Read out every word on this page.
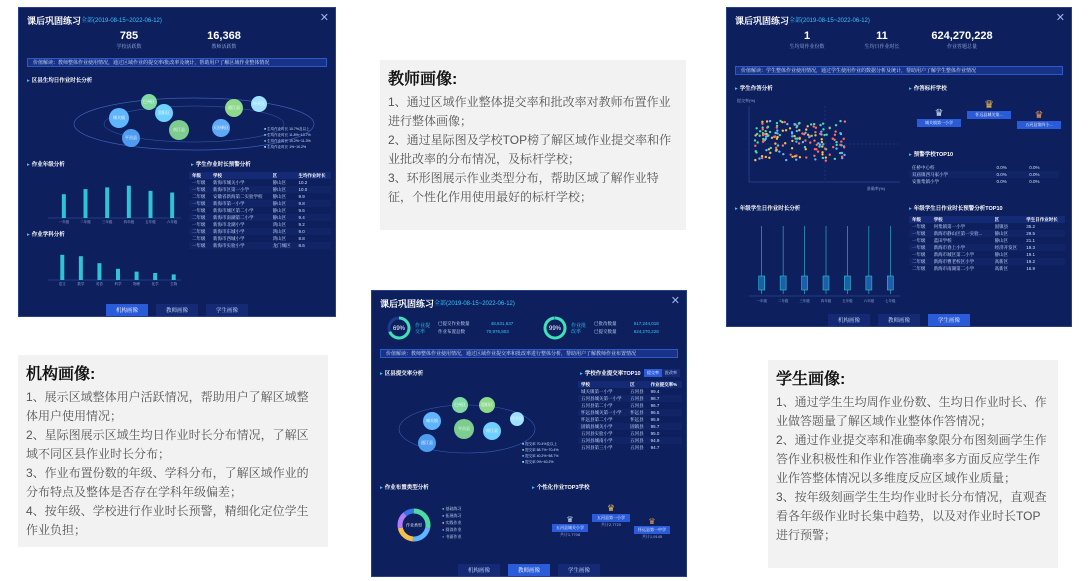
课后巩固练习 全部(2019-08-15~2022-06-12)	✕
785
学校活跃数
16,368
教师活跃数
价值解读：教师整体作业使用情况，通过区域作业的提交率/批改率及统计，帮助用户了解区域作业整体情况
▸ 区县生均日作业时长分析
城关镇
巴州区
恩阳区
平昌县
南江县
通江县
经开区
天府新区	■ 生均作业时长 10.7%及以上
■ 生均作业时长 11.8%~13.7%
■ 生均作业时长 10.2%~11.3%
■ 生均作业时长 1%~10.2%
▸ 作业年级分析
一年级	二年级	三年级	四年级	五年级	六年级
▸ 学生作业时长预警分析
年级	学校	区	生均作业时长
一年级	新海市城关小学	静山区	10.2
一年级	新海市区第一小学	静山区	10.0
二年级	安徽省新海第二实验学校	静山区	9.9
一年级	新海市第一小学	静山区	9.8
一年级	新海市城区第二小学	静山区	9.6
二年级	新海市南湖第二小学	静山区	9.4
一年级	新海市北湖小学	鸿山区	9.2
二年级	新海市东城小学	鸿山区	9.0
二年级	新海市西城小学	鸿山区	8.8
一年级	新海市实验小学	龙门城区	8.6
▸ 作业学科分析
语文	数学	英语	科学	物理	化学	生物
机构画像	教师画像	学生画像
教师画像:
1、通过区域作业整体提交率和批改率对教师布置作业进行整体画像；
2、通过星际图及学校TOP榜了解区域作业提交率和作业批改率的分布情况，及标杆学校；
3、环形图展示作业类型分布，帮助区域了解作业特征，个性化作用使用最好的标杆学校；
课后巩固练习 全部(2019-08-15~2022-06-12)	✕
69% 作业提交率
已提交作业数量	48,631,637
作业布置总数	70,976,803	99% 作业批改率
已批改数量	617,244,018
已提交数量	624,270,228
价值解读：教师整体作业使用情况，通过区域作业提交率和批改率进行整体分析，帮助用户了解教师作业布置情况
▸ 区县提交率分析
城关镇
巴州区	恩阳区
平昌县	南江县
通江县
经开区
■ 提交率 70.4%及以上
■ 提交率 58.7%~70.4%
■ 提交率 40.2%~58.7%
■ 提交率 0%~40.2%
▸ 学校作业提交率TOP10	提交率	批改率
学校	区	作业提交率%
城关镇第一小学	五河县	99.4
五河县城关第一小学	五河县	98.7
五河县第二小学	五河县	96.7
怀远县城关第一小学	怀远县	96.5
怀远县第二小学	怀远县	95.9
固镇县城关小学	固镇县	95.7
五河县实验小学	五河县	95.0
五河县城南小学	五河县	94.9
五河县第三小学	五河县	94.7
▸ 作业布置类型分析
作业类型
● 基础练习
● 拓展练习
● 实践作业
● 阅读作业
● 书面作业
▸ 个性化作业TOP3学校
♛
五河县城关小学
共计1,7708
♛
五河县第一小学
共计2,7720	♛
怀远县第一中学
共计1,9145
机构画像	教师画像	学生画像
机构画像:
1、展示区域整体用户活跃情况，帮助用户了解区域整体用户使用情况；
2、星际图展示区域生均日作业时长分布情况，了解区域不同区县作业时长分布；
3、作业布置份数的年级、学科分布，了解区域作业的分布特点及整体是否存在学科年级偏差；
4、按年级、学校进行作业时长预警，精细化定位学生作业负担；
课后巩固练习 全部(2019-08-15~2022-06-12)	✕
1
生均周作业份数
11
生均日作业时长
624,270,228
作业答题总量
价值解读：学生整体作业使用情况，通过学生使用作业的数据分析及统计，帮助用户了解学生整体作业情况
▸ 学生作答分析
提交率(%)
准确率(%)
▸ 作答标杆学校
♛
城关镇第一小学
♛
怀远县城关第...	♛
五河县第四小...
▸ 预警学校TOP10
任桥中心校	0.0%	0.0%
双庙镇西马家小学	0.0%	0.0%
安淮集镇小学	0.0%	0.0%
▸ 年级学生日作业时长分析
一年级	二年级	三年级	四年级	五年级	六年级	七年级
▸ 年级学生日作业时长预警分析TOP10
年级	学校	区	学生日作业时长
一年级	何集镇第一小学	固镇县	35.2
一年级	新海市静山区第一实验...	静山区	29.5
一年级	蓝田学校	静山区	21.1
一年级	新海市春上小学	经济开发区	19.3
一年级	新海市城区第二小学	静山区	19.1
二年级	新海市曹老校区小学	高新区	19.2
二年级	新海市南湖第二小学	高新区	16.9
机构画像	教师画像	学生画像
学生画像:
1、通过学生生均周作业份数、生均日作业时长、作业做答题量了解区域作业整体作答情况；
2、通过作业提交率和准确率象限分布图刻画学生作答作业积极性和作业作答准确率多方面反应学生作业作答整体情况以多维度反应区域作业质量；
3、按年级刻画学生生均作业时长分布情况，直观查看各年级作业时长集中趋势，以及对作业时长TOP进行预警；
